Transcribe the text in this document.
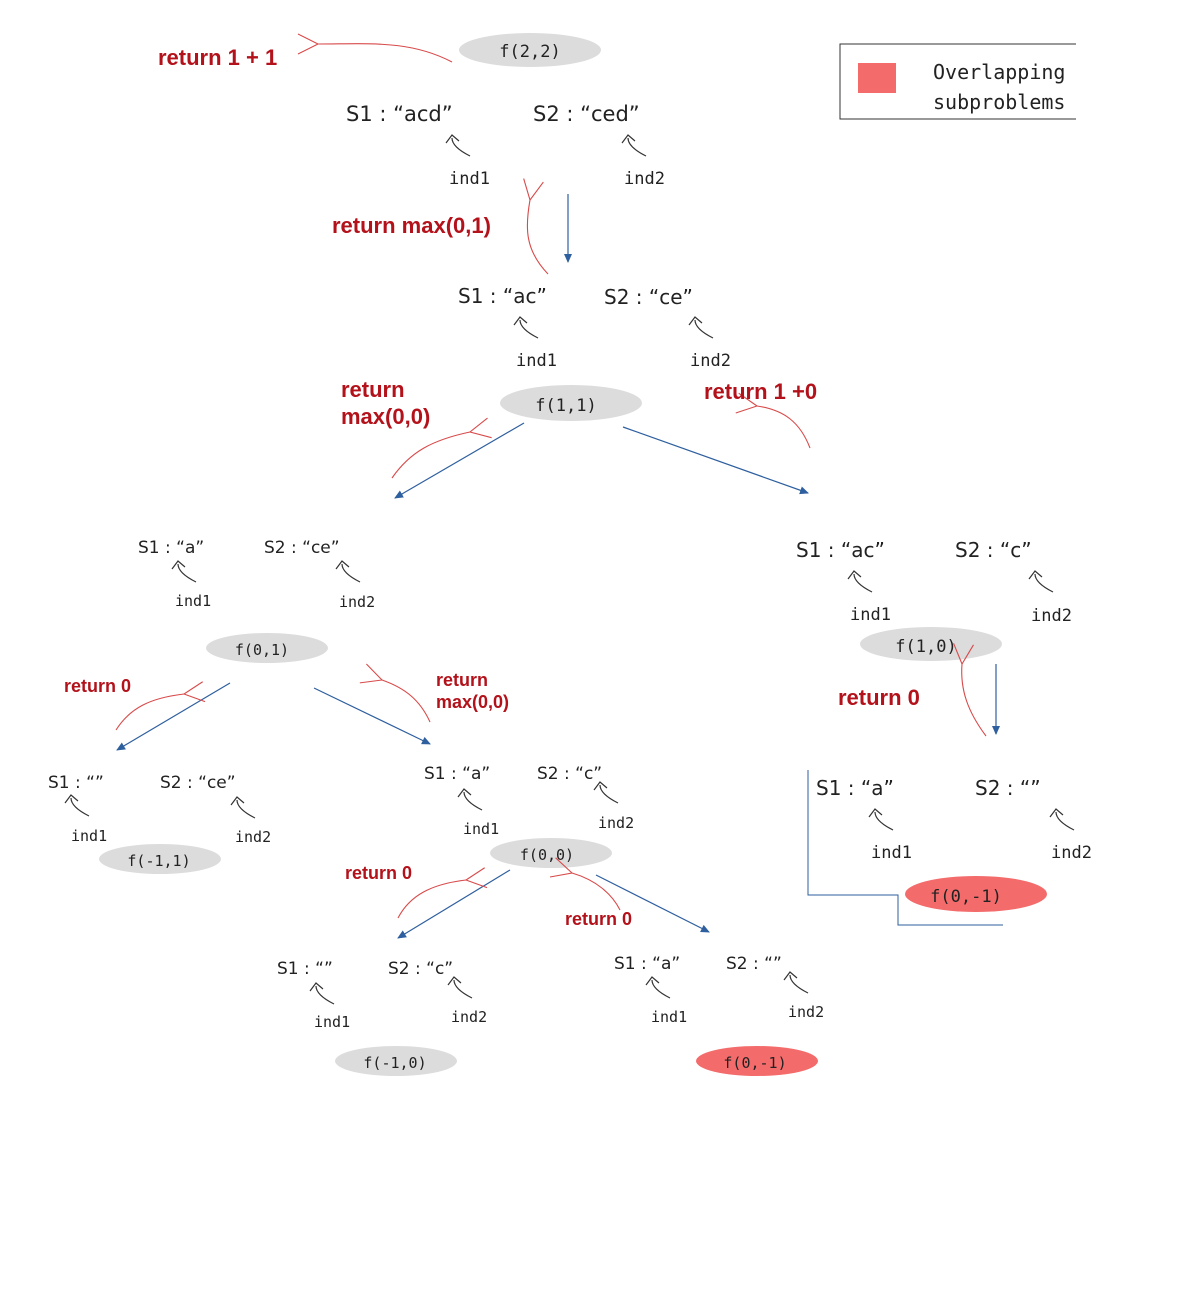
Overlapping
subproblems
f(2,2)
return 1 + 1
S1 : “acd”	S2 : “ced”
ind1	ind2
return max(0,1)
S1 : “ac”	S2 : “ce”
ind1	ind2
f(1,1)
return
max(0,0)
return 1 +0
S1 : “a”	S2 : “ce”
ind1	ind2
f(0,1)
return 0	return
max(0,0)
S1 : “ac”	S2 : “c”
ind1	ind2
f(1,0)
return 0
S1 : “”	S2 : “ce”
ind1	ind2
f(-1,1)
S1 : “a”	S2 : “c”
ind1	ind2
f(0,0)
return 0
return 0
S1 : “a”	S2 : “”
ind1	ind2
f(0,-1)
S1 : “”	S2 : “c”
ind1	ind2
f(-1,0)
S1 : “a”	S2 : “”
ind1	ind2
f(0,-1)
